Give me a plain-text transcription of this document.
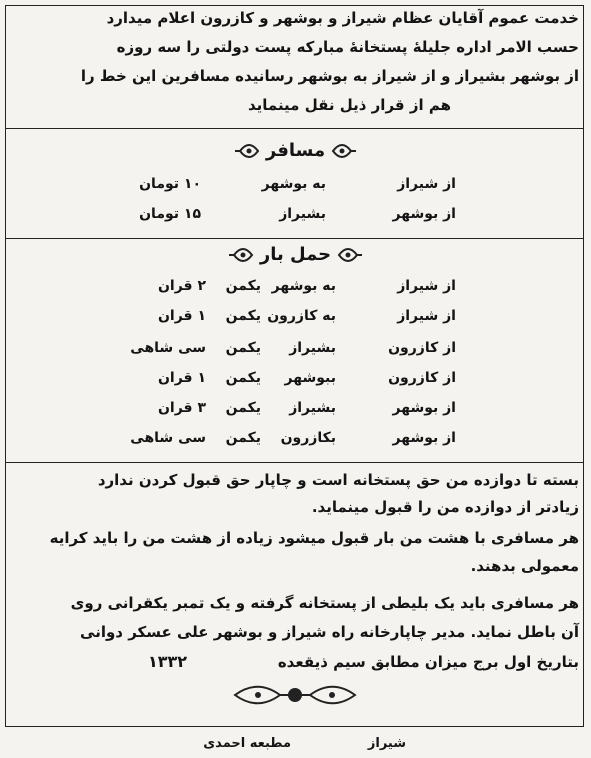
خدمت عموم آقایان عظام شیراز و بوشهر و کازرون اعلام میدارد
حسب الامر اداره جلیلهٔ پستخانهٔ مبارکه پست دولتی را سه روزه
از بوشهر بشیراز و از شیراز به بوشهر رسانیده مسافرین این خط را
هم از قرار ذیل نقل مینماید
مسافر
از شیراز
به بوشهر
۱۰ تومان
از بوشهر
بشیراز
۱۵ تومان
حمل بار
از شیراز
به بوشهر
یکمن
۲ قران
از شیراز
به کازرون
یکمن
۱ قران
از کازرون
بشیراز
یکمن
سی شاهی
از کازرون
ببوشهر
یکمن
۱ قران
از بوشهر
بشیراز
یکمن
۳ قران
از بوشهر
بکازرون
یکمن
سی شاهی
بسته تا دوازده من حق پستخانه است و چاپار حق قبول کردن ندارد
زیادتر از دوازده من را قبول مینماید.
هر مسافری با هشت من بار قبول میشود زیاده از هشت من را باید کرایه
معمولی بدهند.
هر مسافری باید یک بلیطی از پستخانه گرفته و یک تمبر یکقرانی روی
آن باطل نماید. مدیر چاپارخانه راه شیراز و بوشهر علی عسکر دوانی
بتاریخ اول برج میزان مطابق سیم ذیقعده
۱۳۳۲
شیراز
مطبعه احمدی
